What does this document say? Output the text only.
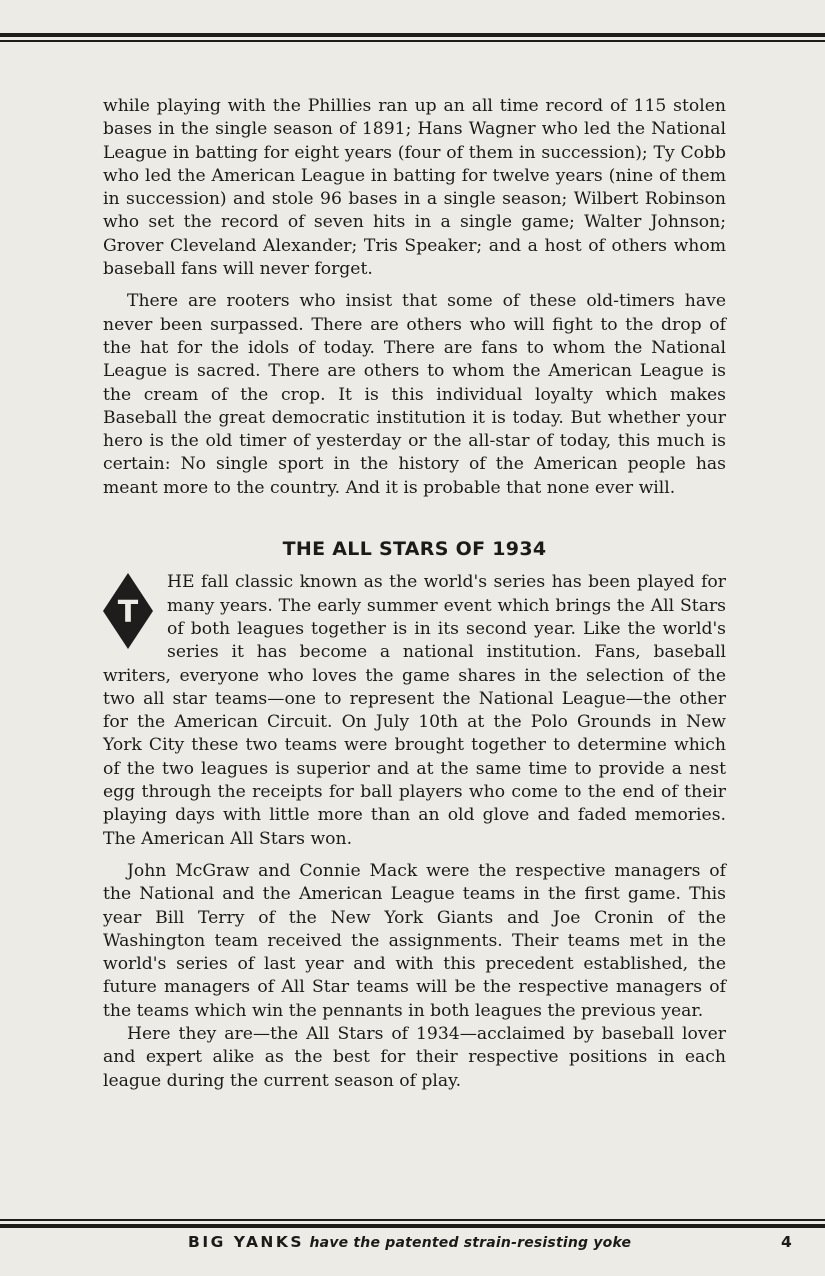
while playing with the Phillies ran up an all time record of 115 stolen bases in the single season of 1891; Hans Wagner who led the National League in batting for eight years (four of them in succession); Ty Cobb who led the American League in batting for twelve years (nine of them in succession) and stole 96 bases in a single season; Wilbert Robinson who set the record of seven hits in a single game; Walter Johnson; Grover Cleveland Alexander; Tris Speaker; and a host of others whom baseball fans will never forget.

There are rooters who insist that some of these old-timers have never been surpassed. There are others who will fight to the drop of the hat for the idols of today. There are fans to whom the National League is sacred. There are others to whom the American League is the cream of the crop. It is this individual loyalty which makes Baseball the great democratic institution it is today. But whether your hero is the old timer of yesterday or the all-star of today, this much is certain: No single sport in the history of the American people has meant more to the country. And it is probable that none ever will.

THE ALL STARS OF 1934
T

HE fall classic known as the world's series has been played for many years. The early summer event which brings the All Stars of both leagues together is in its second year. Like the world's series it has become a national institution. Fans, baseball writers, everyone who loves the game shares in the selection of the two all star teams—one to represent the National League—the other for the American Circuit. On July 10th at the Polo Grounds in New York City these two teams were brought together to determine which of the two leagues is superior and at the same time to provide a nest egg through the receipts for ball players who come to the end of their playing days with little more than an old glove and faded memories. The American All Stars won.

John McGraw and Connie Mack were the respective managers of the National and the American League teams in the first game. This year Bill Terry of the New York Giants and Joe Cronin of the Washington team received the assignments. Their teams met in the world's series of last year and with this precedent established, the future managers of All Star teams will be the respective managers of the teams which win the pennants in both leagues the previous year.

Here they are—the All Stars of 1934—acclaimed by baseball lover and expert alike as the best for their respective positions in each league during the current season of play.

BIG YANKS have the patented strain-resisting yoke	4
